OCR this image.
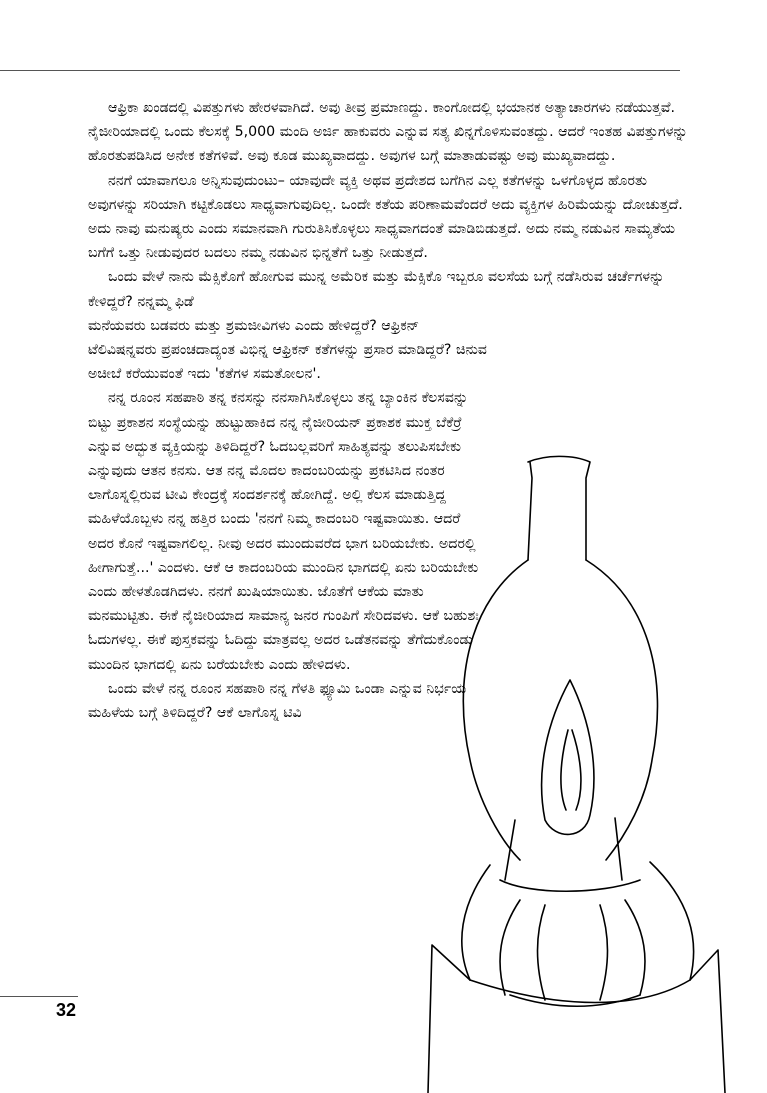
ಆಫ್ರಿಕಾ ಖಂಡದಲ್ಲಿ ವಿಪತ್ತುಗಳು ಹೇರಳವಾಗಿದೆ. ಅವು ತೀವ್ರ ಪ್ರಮಾಣದ್ದು. ಕಾಂಗೋದಲ್ಲಿ ಭಯಾನಕ ಅತ್ಯಾಚಾರಗಳು ನಡೆಯುತ್ತವೆ. ನೈಜೀರಿಯಾದಲ್ಲಿ ಒಂದು ಕೆಲಸಕ್ಕೆ 5,000 ಮಂದಿ ಅರ್ಜಿ ಹಾಕುವರು ಎನ್ನುವ ಸತ್ಯ ಖಿನ್ನಗೊಳಿಸುವಂತದ್ದು. ಆದರೆ ಇಂತಹ ವಿಪತ್ತುಗಳನ್ನು ಹೊರತುಪಡಿಸಿದ ಅನೇಕ ಕತೆಗಳಿವೆ. ಅವು ಕೂಡ ಮುಖ್ಯವಾದದ್ದು. ಅವುಗಳ ಬಗ್ಗೆ ಮಾತಾಡುವಷ್ಟು ಅವು ಮುಖ್ಯವಾದದ್ದು.

ನನಗೆ ಯಾವಾಗಲೂ ಅನ್ನಿಸುವುದುಂಟು– ಯಾವುದೇ ವ್ಯಕ್ತಿ ಅಥವ ಪ್ರದೇಶದ ಬಗೆಗಿನ ಎಲ್ಲ ಕತೆಗಳನ್ನು ಒಳಗೊಳ್ಳದ ಹೊರತು ಅವುಗಳನ್ನು ಸರಿಯಾಗಿ ಕಟ್ಟಿಕೊಡಲು ಸಾಧ್ಯವಾಗುವುದಿಲ್ಲ. ಒಂದೇ ಕತೆಯ ಪರಿಣಾಮವೆಂದರೆ ಅದು ವ್ಯಕ್ತಿಗಳ ಹಿರಿಮೆಯನ್ನು ದೋಚುತ್ತದೆ. ಅದು ನಾವು ಮನುಷ್ಯರು ಎಂದು ಸಮಾನವಾಗಿ ಗುರುತಿಸಿಕೊಳ್ಳಲು ಸಾಧ್ಯವಾಗದಂತೆ ಮಾಡಿಬಿಡುತ್ತದೆ. ಅದು ನಮ್ಮ ನಡುವಿನ ಸಾಮ್ಯತೆಯ ಬಗೆಗೆ ಒತ್ತು ನೀಡುವುದರ ಬದಲು ನಮ್ಮ ನಡುವಿನ ಭಿನ್ನತೆಗೆ ಒತ್ತು ನೀಡುತ್ತದೆ.

ಒಂದು ವೇಳೆ ನಾನು ಮೆಕ್ಸಿಕೊಗೆ ಹೋಗುವ ಮುನ್ನ ಅಮೆರಿಕ ಮತ್ತು ಮೆಕ್ಸಿಕೊ ಇಬ್ಬರೂ ವಲಸೆಯ ಬಗ್ಗೆ ನಡೆಸಿರುವ ಚರ್ಚೆಗಳನ್ನು ಕೇಳಿದ್ದರೆ? ನನ್ನಮ್ಮ ಫಿಡೆ

ಮನೆಯವರು ಬಡವರು ಮತ್ತು ಶ್ರಮಜೀವಿಗಳು ಎಂದು ಹೇಳಿದ್ದರೆ? ಆಫ್ರಿಕನ್ ಟೆಲಿವಿಷನ್ನವರು ಪ್ರಪಂಚದಾದ್ಯಂತ ವಿಭಿನ್ನ ಆಫ್ರಿಕನ್ ಕತೆಗಳನ್ನು ಪ್ರಸಾರ ಮಾಡಿದ್ದರೆ? ಚಿನುವ ಅಚೀಬೆ ಕರೆಯುವಂತೆ ಇದು 'ಕತೆಗಳ ಸಮತೋಲನ'.

ನನ್ನ ರೂಂನ ಸಹಪಾಠಿ ತನ್ನ ಕನಸನ್ನು ನನಸಾಗಿಸಿಕೊಳ್ಳಲು ತನ್ನ ಬ್ಯಾಂಕಿನ ಕೆಲಸವನ್ನು ಬಿಟ್ಟು ಪ್ರಕಾಶನ ಸಂಸ್ಥೆಯನ್ನು ಹುಟ್ಟುಹಾಕಿದ ನನ್ನ ನೈಜೀರಿಯನ್ ಪ್ರಕಾಶಕ ಮುಕ್ತ ಬೆಕೆರ್ರೆ ಎನ್ನುವ ಅದ್ಭುತ ವ್ಯಕ್ತಿಯನ್ನು ತಿಳಿದಿದ್ದರೆ? ಓದಬಲ್ಲವರಿಗೆ ಸಾಹಿತ್ಯವನ್ನು ತಲುಪಿಸಬೇಕು ಎನ್ನುವುದು ಆತನ ಕನಸು. ಆತ ನನ್ನ ಮೊದಲ ಕಾದಂಬರಿಯನ್ನು ಪ್ರಕಟಿಸಿದ ನಂತರ ಲಾಗೊಸ್ನಲ್ಲಿರುವ ಟೀವಿ ಕೇಂದ್ರಕ್ಕೆ ಸಂದರ್ಶನಕ್ಕೆ ಹೋಗಿದ್ದೆ. ಅಲ್ಲಿ ಕೆಲಸ ಮಾಡುತ್ತಿದ್ದ ಮಹಿಳೆಯೊಬ್ಬಳು ನನ್ನ ಹತ್ತಿರ ಬಂದು 'ನನಗೆ ನಿಮ್ಮ ಕಾದಂಬರಿ ಇಷ್ಟವಾಯಿತು. ಆದರೆ ಅದರ ಕೊನೆ ಇಷ್ಟವಾಗಲಿಲ್ಲ. ನೀವು ಅದರ ಮುಂದುವರೆದ ಭಾಗ ಬರಿಯಬೇಕು. ಅದರಲ್ಲಿ ಹೀಗಾಗುತ್ತೆ...' ಎಂದಳು. ಆಕೆ ಆ ಕಾದಂಬರಿಯ ಮುಂದಿನ ಭಾಗದಲ್ಲಿ ಏನು ಬರಿಯಬೇಕು ಎಂದು ಹೇಳತೊಡಗಿದಳು. ನನಗೆ ಖುಷಿಯಾಯಿತು. ಜೊತೆಗೆ ಆಕೆಯ ಮಾತು ಮನಮುಟ್ಟಿತು. ಈಕೆ ನೈಜೀರಿಯಾದ ಸಾಮಾನ್ಯ ಜನರ ಗುಂಪಿಗೆ ಸೇರಿದವಳು. ಆಕೆ ಬಹುಶಃ ಓದುಗಳಲ್ಲ. ಈಕೆ ಪುಸ್ತಕವನ್ನು ಓದಿದ್ದು ಮಾತ್ರವಲ್ಲ ಅದರ ಒಡೆತನವನ್ನು ತೆಗೆದುಕೊಂಡು ಮುಂದಿನ ಭಾಗದಲ್ಲಿ ಏನು ಬರೆಯಬೇಕು ಎಂದು ಹೇಳಿದಳು.

ಒಂದು ವೇಳೆ ನನ್ನ ರೂಂನ ಸಹಪಾಠಿ ನನ್ನ ಗೆಳತಿ ಫ್ಯೂಮಿ ಒಂಡಾ ಎನ್ನುವ ನಿರ್ಭಯ ಮಹಿಳೆಯ ಬಗ್ಗೆ ತಿಳಿದಿದ್ದರೆ? ಆಕೆ ಲಾಗೊಸ್ನ ಟಿವಿ

32
